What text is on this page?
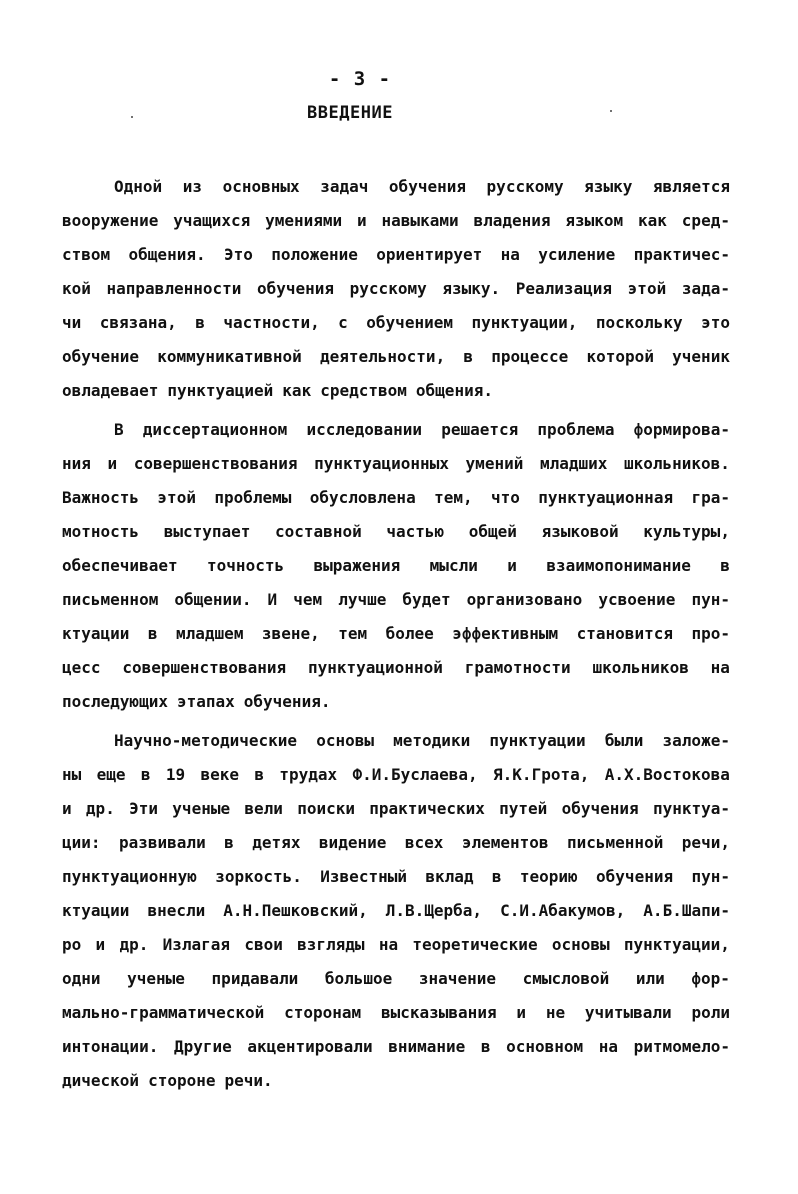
- 3 -
ВВЕДЕНИЕ
Одной из основных задач обучения русскому языку является
вооружение учащихся умениями и навыками владения языком как сред-
ством общения. Это положение ориентирует на усиление практичес-
кой направленности обучения русскому языку. Реализация этой зада-
чи связана, в частности, с обучением пунктуации, поскольку это
обучение коммуникативной деятельности, в процессе которой ученик
овладевает пунктуацией как средством общения.
В диссертационном исследовании решается проблема формирова-
ния и совершенствования пунктуационных умений младших школьников.
Важность этой проблемы обусловлена тем, что пунктуационная гра-
мотность выступает составной частью общей языковой культуры,
обеспечивает точность выражения мысли и взаимопонимание в
письменном общении. И чем лучше будет организовано усвоение пун-
ктуации в младшем звене, тем более эффективным становится про-
цесс совершенствования пунктуационной грамотности школьников на
последующих этапах обучения.
Научно-методические основы методики пунктуации были заложе-
ны еще в 19 веке в трудах Ф.И.Буслаева, Я.К.Грота, А.Х.Востокова
и др. Эти ученые вели поиски практических путей обучения пунктуа-
ции: развивали в детях видение всех элементов письменной речи,
пунктуационную зоркость. Известный вклад в теорию обучения пун-
ктуации внесли А.Н.Пешковский, Л.В.Щерба, С.И.Абакумов, А.Б.Шапи-
ро и др. Излагая свои взгляды на теоретические основы пунктуации,
одни ученые придавали большое значение смысловой или фор-
мально-грамматической сторонам высказывания и не учитывали роли
интонации. Другие акцентировали внимание в основном на ритмомело-
дической стороне речи.
